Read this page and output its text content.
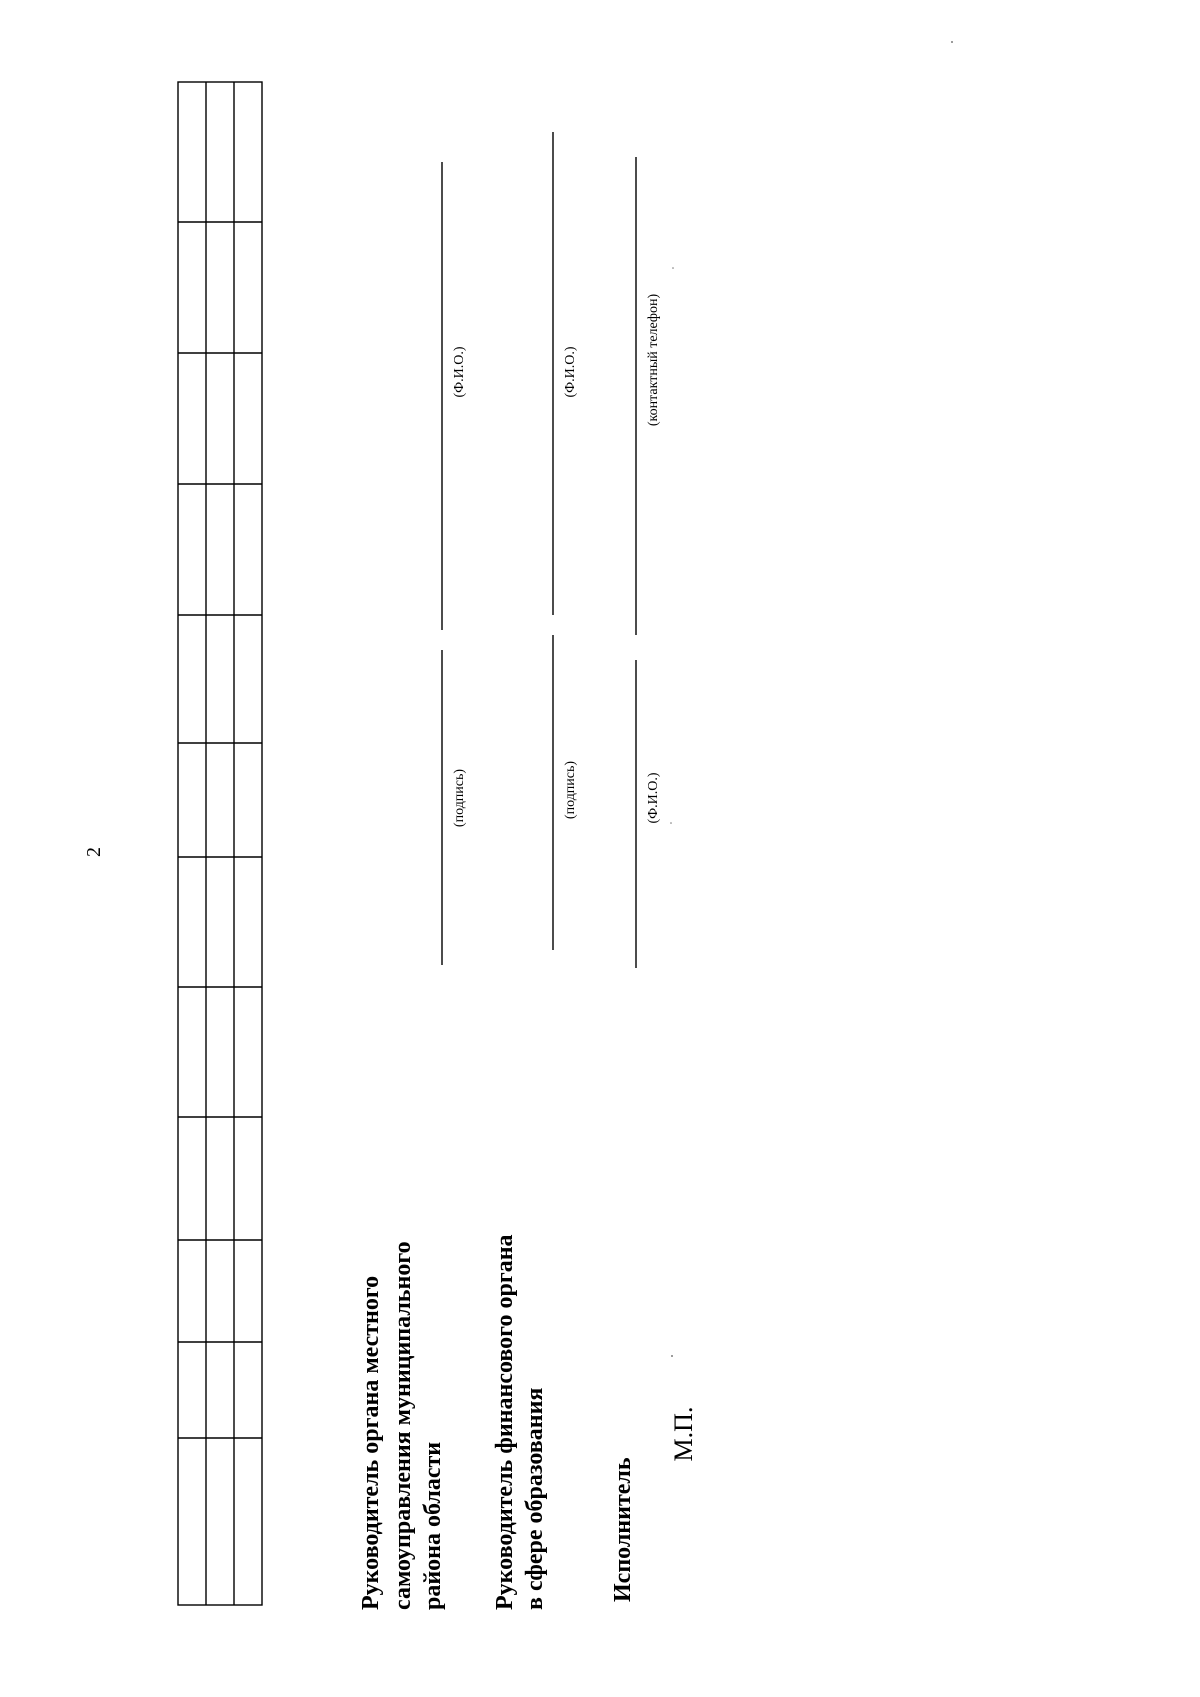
2
Руководитель органа местного самоуправления муниципального района области
(подпись)
(Ф.И.О.)
Руководитель финансового органа в сфере образования
(подпись)
(Ф.И.О.)
Исполнитель
(Ф.И.О.)
(контактный телефон)
М.П.
